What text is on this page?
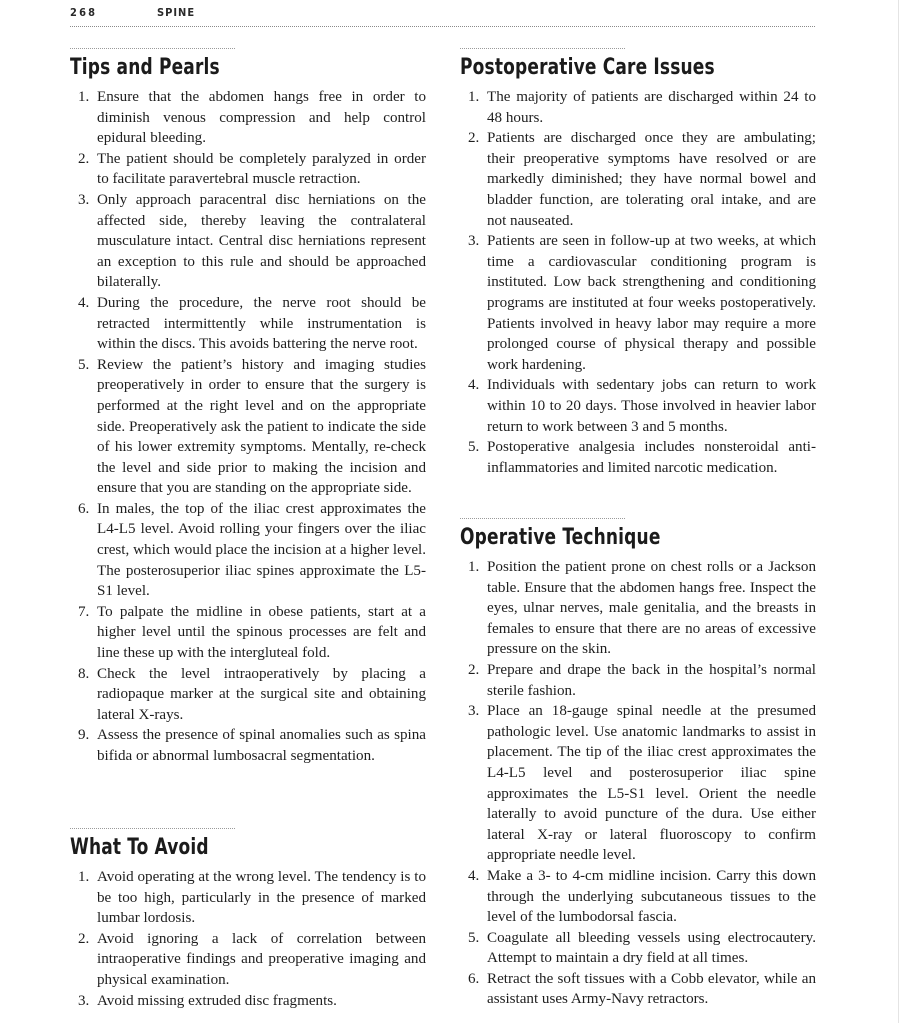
268	SPINE
Tips and Pearls
1. Ensure that the abdomen hangs free in order to diminish venous compression and help control epidural bleeding.
2. The patient should be completely paralyzed in order to facilitate paravertebral muscle retraction.
3. Only approach paracentral disc herniations on the affected side, thereby leaving the contralateral musculature intact. Central disc herniations represent an exception to this rule and should be approached bilaterally.
4. During the procedure, the nerve root should be retracted intermittently while instrumentation is within the discs. This avoids battering the nerve root.
5. Review the patient’s history and imaging studies preoperatively in order to ensure that the surgery is performed at the right level and on the appropriate side. Preoperatively ask the patient to indicate the side of his lower extremity symptoms. Mentally, re-check the level and side prior to making the incision and ensure that you are standing on the appropriate side.
6. In males, the top of the iliac crest approximates the L4-L5 level. Avoid rolling your fingers over the iliac crest, which would place the incision at a higher level. The posterosuperior iliac spines approximate the L5-S1 level.
7. To palpate the midline in obese patients, start at a higher level until the spinous processes are felt and line these up with the intergluteal fold.
8. Check the level intraoperatively by placing a radiopaque marker at the surgical site and obtaining lateral X-rays.
9. Assess the presence of spinal anomalies such as spina bifida or abnormal lumbosacral segmentation.
What To Avoid
1. Avoid operating at the wrong level. The tendency is to be too high, particularly in the presence of marked lumbar lordosis.
2. Avoid ignoring a lack of correlation between intraoperative findings and preoperative imaging and physical examination.
3. Avoid missing extruded disc fragments.
Postoperative Care Issues
1. The majority of patients are discharged within 24 to 48 hours.
2. Patients are discharged once they are ambulating; their preoperative symptoms have resolved or are markedly diminished; they have normal bowel and bladder function, are tolerating oral intake, and are not nauseated.
3. Patients are seen in follow-up at two weeks, at which time a cardiovascular conditioning program is instituted. Low back strengthening and conditioning programs are instituted at four weeks postoperatively. Patients involved in heavy labor may require a more prolonged course of physical therapy and possible work hardening.
4. Individuals with sedentary jobs can return to work within 10 to 20 days. Those involved in heavier labor return to work between 3 and 5 months.
5. Postoperative analgesia includes nonsteroidal anti-inflammatories and limited narcotic medication.
Operative Technique
1. Position the patient prone on chest rolls or a Jackson table. Ensure that the abdomen hangs free. Inspect the eyes, ulnar nerves, male genitalia, and the breasts in females to ensure that there are no areas of excessive pressure on the skin.
2. Prepare and drape the back in the hospital’s normal sterile fashion.
3. Place an 18-gauge spinal needle at the presumed pathologic level. Use anatomic landmarks to assist in placement. The tip of the iliac crest approximates the L4-L5 level and posterosuperior iliac spine approximates the L5-S1 level. Orient the needle laterally to avoid puncture of the dura. Use either lateral X-ray or lateral fluoroscopy to confirm appropriate needle level.
4. Make a 3- to 4-cm midline incision. Carry this down through the underlying subcutaneous tissues to the level of the lumbodorsal fascia.
5. Coagulate all bleeding vessels using electrocautery. Attempt to maintain a dry field at all times.
6. Retract the soft tissues with a Cobb elevator, while an assistant uses Army-Navy retractors.
